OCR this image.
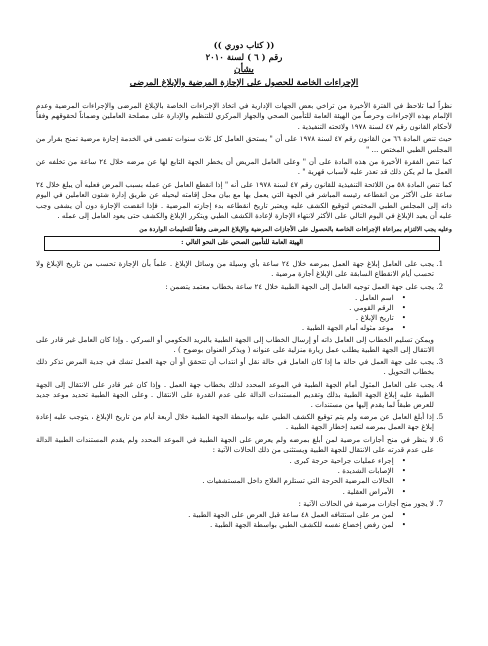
(( كتاب دوري ))
رقم ( ٦ ) لسنة ٢٠١٠
بشأن
الإجراءات الخاصة للحصول على الإجازة المرضية والإبلاغ المرضى
نظراً لما تلاحظ في الفترة الأخيرة من تراخي بعض الجهات الإدارية في اتخاذ الإجراءات الخاصة بالإبلاغ المرضى والإجراءات المرضية وعدم الإلمام بهذه الإجراءات وحرصاً من الهيئة العامة للتأمين الصحي والجهاز المركزي للتنظيم والإدارة على مصلحة العاملين وضماناً لحقوقهم وفقاً لأحكام القانون رقم ٤٧ لسنة ١٩٧٨ ولائحته التنفيذية .
حيث تنص المادة ٦٦ من القانون رقم ٤٧ لسنة ١٩٧٨ على أن " يستحق العامل كل ثلاث سنوات تقضى في الخدمة إجازة مرضية تمنح بقرار من المجلس الطبي المختص ... "
كما تنص الفقرة الأخيرة من هذه المادة على أن " وعلى العامل المريض أن يخطر الجهة التابع لها عن مرضه خلال ٢٤ ساعة من تخلفه عن العمل ما لم يكن ذلك قد تعذر عليه لأسباب قهرية " .
كما تنص المادة ٥٨ من اللائحة التنفيذية للقانون رقم ٤٧ لسنة ١٩٧٨ على أنه " إذا انقطع العامل عن عمله بسبب المرض فعليه أن يبلغ خلال ٢٤ ساعة على الأكثر من انقطاعه رئيسه المباشر في الجهة التي يعمل بها مع بيان محل إقامته ليحيله عن طريق إدارة شئون العاملين في اليوم ذاته إلى المجلس الطبي المختص لتوقيع الكشف عليه ويعتبر تاريخ انقطاعه بدء إجازته المرضية . فإذا انقضت الإجازة دون أن يشفى وجب عليه أن يعيد الإبلاغ في اليوم التالي على الأكثر لانتهاء الإجازة لإعادة الكشف الطبي ويتكرر الإبلاغ والكشف حتى يعود العامل إلى عمله .
وعليه يجب الالتزام بمراعاة الإجراءات الخاصة بالحصول على الأجازات المرضية والإبلاغ المرضى وفقاً للتعليمات الواردة من
الهيئة العامة للتأمين الصحي على النحو التالي :
1. يجب على العامل إبلاغ جهة العمل بمرضه خلال ٢٤ ساعة بأي وسيلة من وسائل الإبلاغ . علماً بأن الإجازة تحسب من تاريخ الإبلاغ ولا تحسب أيام الانقطاع السابقة على الإبلاغ أجازة مرضية .
2. يجب على جهة العمل توجيه العامل إلى الجهة الطبية خلال ٢٤ ساعة بخطاب معتمد يتضمن :
• اسم العامل .
• الرقم القومي .
• تاريخ الإبلاغ .
• موعد مثوله أمام الجهة الطبية .
ويمكن تسليم الخطاب إلى العامل ذاته أو إرسال الخطاب إلى الجهة الطبية بالبريد الحكومي أو السركي . وإذا كان العامل غير قادر على الانتقال إلى الجهة الطبية يطلب عمل زيارة منزلية على عنوانه ( ويذكر العنوان بوضوح ) .
3. يجب على جهة العمل في حالة ما إذا كان العامل في حالة نقل أو انتداب أن تتحقق أو أن جهة العمل تشك في جدية المرض تذكر ذلك بخطاب التحويل .
4. يجب على العامل المثول أمام الجهة الطبية في الموعد المحدد لذلك بخطاب جهة العمل . وإذا كان غير قادر على الانتقال إلى الجهة الطبية عليه إبلاغ الجهة الطبية بذلك وتقديم المستندات الدالة على عدم القدرة على الانتقال . وعلى الجهة الطبية تحديد موعد جديد للعرض طبقاً لما يقدم إليها من مستندات .
5. إذا أبلغ العامل عن مرضه ولم يتم توقيع الكشف الطبي عليه بواسطة الجهة الطبية خلال أربعة أيام من تاريخ الإبلاغ ، يتوجب عليه إعادة إبلاغ جهة العمل بمرضه لتعيد إخطار الجهة الطبية .
6. لا ينظر في منح أجازات مرضية لمن أبلغ بمرضه ولم يعرض على الجهة الطبية في الموعد المحدد ولم يقدم المستندات الطبية الدالة على عدم قدرته على الانتقال للجهة الطبية ويستثنى من ذلك الحالات الآتية :
• إجراء عمليات جراحية حرجة كبرى .
• الإصابات الشديدة .
• الحالات المرضية الحرجة التي تستلزم العلاج داخل المستشفيات .
• الأمراض العقلية .
7. لا يجوز منح أجازات مرضية في الحالات الآتية :
• لمن مر على استئنافه العمل ٤٨ ساعة قبل العرض على الجهة الطبية .
• لمن رفض إخضاع نفسه للكشف الطبي بواسطة الجهة الطبية .
